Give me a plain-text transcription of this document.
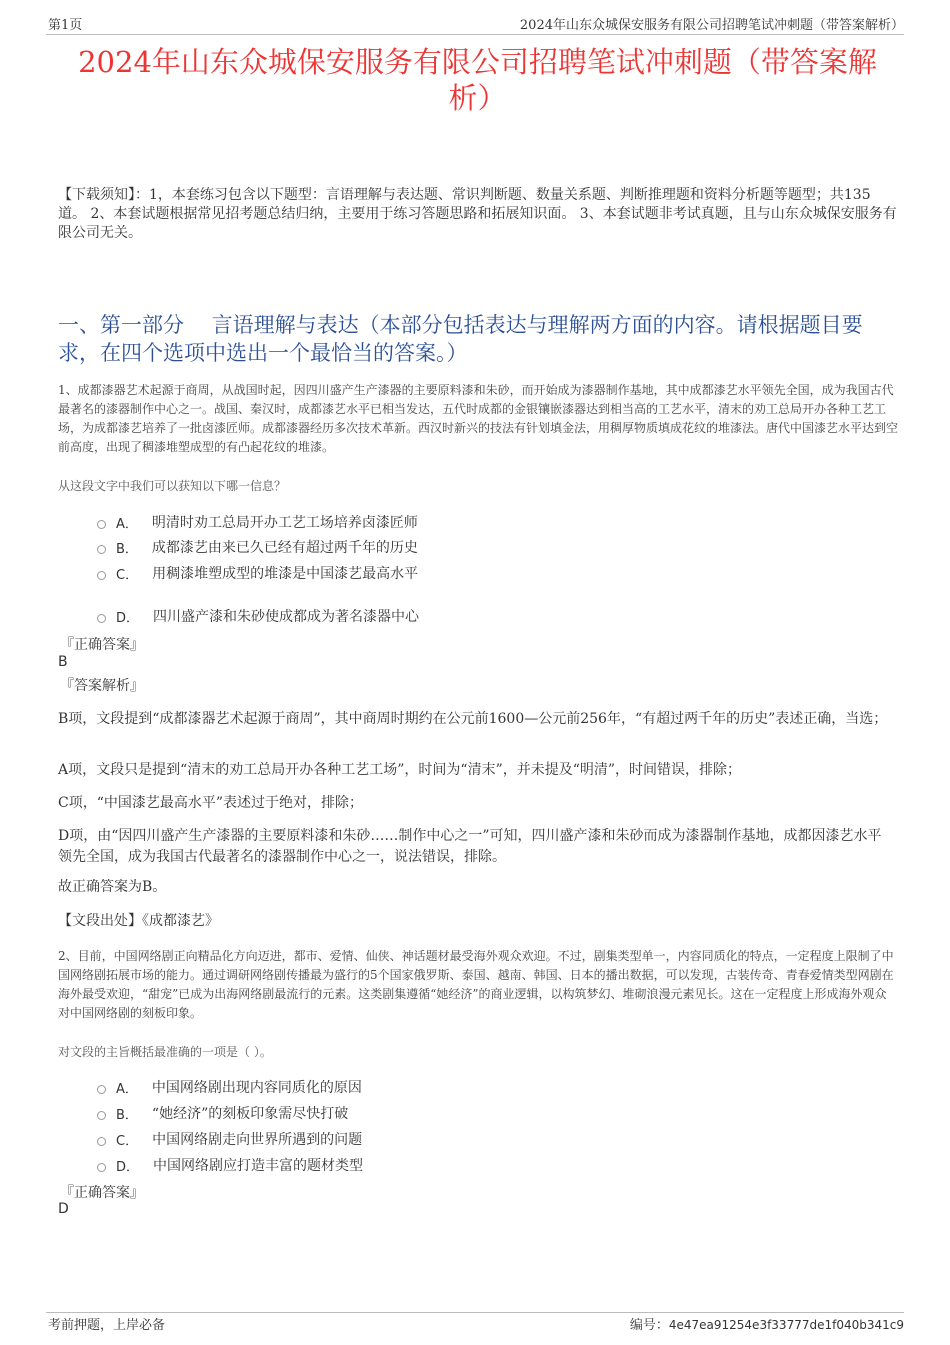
第1页	2024年山东众城保安服务有限公司招聘笔试冲刺题（带答案解析）
2024年山东众城保安服务有限公司招聘笔试冲刺题（带答案解
析）
【下载须知】：1，本套练习包含以下题型：言语理解与表达题、常识判断题、数量关系题、判断推理题和资料分析题等题型；共135道。 2、本套试题根据常见招考题总结归纳，主要用于练习答题思路和拓展知识面。 3、本套试题非考试真题，且与山东众城保安服务有限公司无关。
一、第一部分　 言语理解与表达（本部分包括表达与理解两方面的内容。请根据题目要求，在四个选项中选出一个最恰当的答案。）
1、成都漆器艺术起源于商周，从战国时起，因四川盛产生产漆器的主要原料漆和朱砂，而开始成为漆器制作基地，其中成都漆艺水平领先全国，成为我国古代最著名的漆器制作中心之一。战国、秦汉时，成都漆艺水平已相当发达，五代时成都的金银镶嵌漆器达到相当高的工艺水平，清末的劝工总局开办各种工艺工场，为成都漆艺培养了一批卤漆匠师。成都漆器经历多次技术革新。西汉时新兴的技法有针划填金法，用稠厚物质填成花纹的堆漆法。唐代中国漆艺水平达到空前高度，出现了稠漆堆塑成型的有凸起花纹的堆漆。
从这段文字中我们可以获知以下哪一信息？
A． 明清时劝工总局开办工艺工场培养卤漆匠师
B． 成都漆艺由来已久已经有超过两千年的历史
C． 用稠漆堆塑成型的堆漆是中国漆艺最高水平
D． 四川盛产漆和朱砂使成都成为著名漆器中心
『正确答案』
B
『答案解析』
B项，文段提到“成都漆器艺术起源于商周”，其中商周时期约在公元前1600—公元前256年，“有超过两千年的历史”表述正确，当选；
A项，文段只是提到“清末的劝工总局开办各种工艺工场”，时间为“清末”，并未提及“明清”，时间错误，排除；
C项，“中国漆艺最高水平”表述过于绝对，排除；
D项，由“因四川盛产生产漆器的主要原料漆和朱砂……制作中心之一”可知，四川盛产漆和朱砂而成为漆器制作基地，成都因漆艺水平领先全国，成为我国古代最著名的漆器制作中心之一，说法错误，排除。
故正确答案为B。
【文段出处】《成都漆艺》
2、目前，中国网络剧正向精品化方向迈进，都市、爱情、仙侠、神话题材最受海外观众欢迎。不过，剧集类型单一，内容同质化的特点，一定程度上限制了中国网络剧拓展市场的能力。通过调研网络剧传播最为盛行的5个国家俄罗斯、泰国、越南、韩国、日本的播出数据，可以发现，古装传奇、青春爱情类型网剧在海外最受欢迎，“甜宠”已成为出海网络剧最流行的元素。这类剧集遵循“她经济”的商业逻辑，以构筑梦幻、堆砌浪漫元素见长。这在一定程度上形成海外观众对中国网络剧的刻板印象。
对文段的主旨概括最准确的一项是（ ）。
A． 中国网络剧出现内容同质化的原因
B． “她经济”的刻板印象需尽快打破
C． 中国网络剧走向世界所遇到的问题
D． 中国网络剧应打造丰富的题材类型
『正确答案』
D
考前押题，上岸必备	编号：4e47ea91254e3f33777de1f040b341c9
